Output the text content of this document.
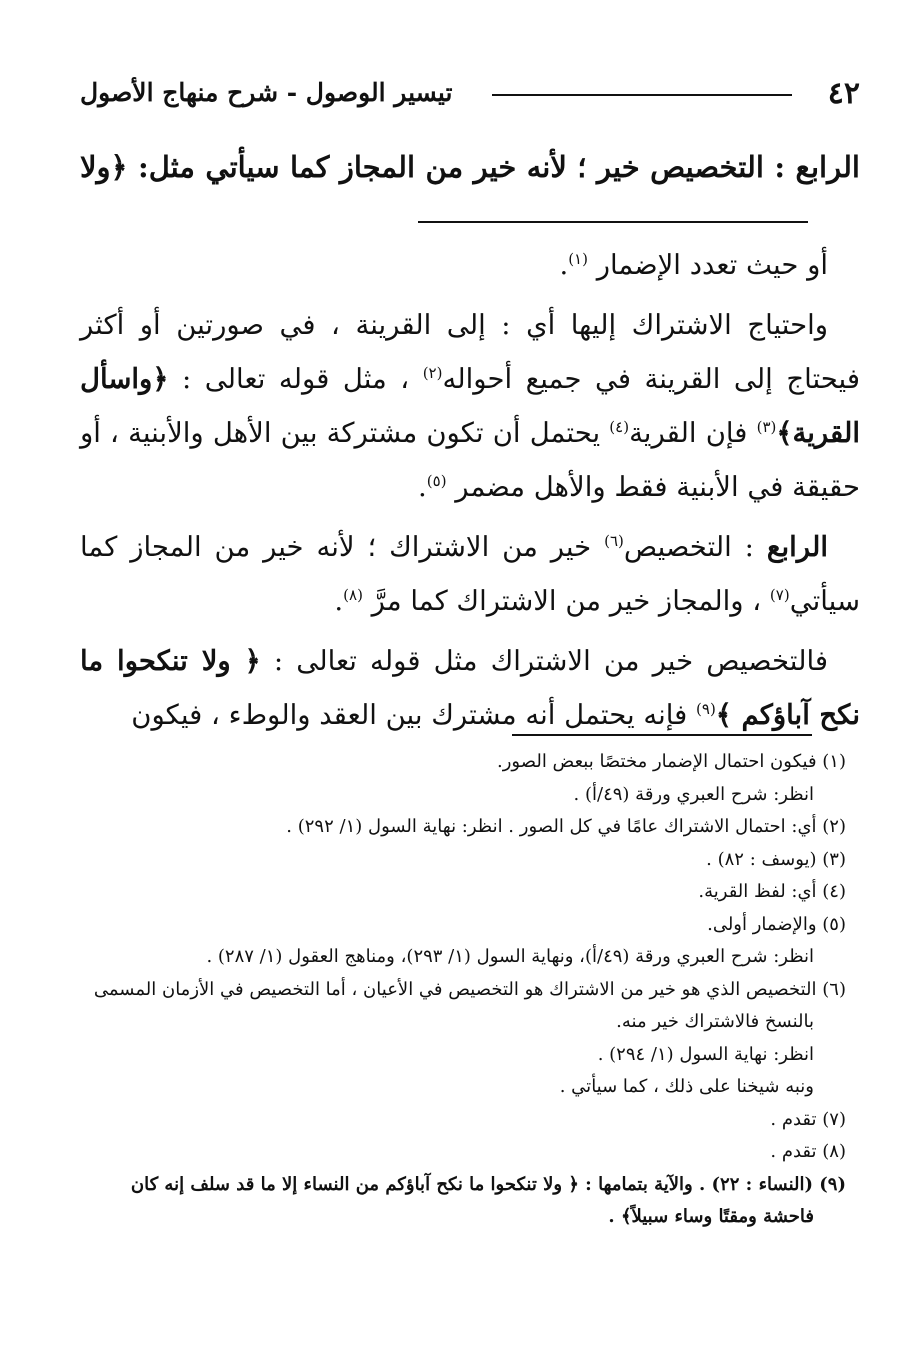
٤٢
تيسير الوصول - شرح منهاج الأصول
الرابع : التخصيص خير ؛ لأنه خير من المجاز كما سيأتي مثل: ﴿ولا

أو حيث تعدد الإضمار $^{(١)}$.

واحتياج الاشتراك إليها أي : إلى القرينة ، في صورتين أو أكثر فيحتاج إلى القرينة في جميع أحواله$^{(٢)}$ ، مثل قوله تعالى : ﴿واسأل القرية﴾$^{(٣)}$ فإن القرية$^{(٤)}$ يحتمل أن تكون مشتركة بين الأهل والأبنية ، أو حقيقة في الأبنية فقط والأهل مضمر $^{(٥)}$.

الرابع : التخصيص$^{(٦)}$ خير من الاشتراك ؛ لأنه خير من المجاز كما سيأتي$^{(٧)}$ ، والمجاز خير من الاشتراك كما مرَّ $^{(٨)}$.

فالتخصيص خير من الاشتراك مثل قوله تعالى : ﴿ ولا تنكحوا ما نكح آباؤكم ﴾$^{(٩)}$ فإنه يحتمل أنه مشترك بين العقد والوطء ، فيكون

(١) فيكون احتمال الإضمار مختصًا ببعض الصور.

انظر: شرح العبري ورقة (٤٩/أ) .

(٢) أي: احتمال الاشتراك عامًا في كل الصور . انظر: نهاية السول (١/ ٢٩٢) .

(٣) (يوسف : ٨٢) .

(٤) أي: لفظ القرية.

(٥) والإضمار أولى.

انظر: شرح العبري ورقة (٤٩/أ)، ونهاية السول (١/ ٢٩٣)، ومناهج العقول (١/ ٢٨٧) .

(٦) التخصيص الذي هو خير من الاشتراك هو التخصيص في الأعيان ، أما التخصيص في الأزمان المسمى بالنسخ فالاشتراك خير منه.

انظر: نهاية السول (١/ ٢٩٤) .

ونبه شيخنا على ذلك ، كما سيأتي .

(٧) تقدم .

(٨) تقدم .

(٩) (النساء : ٢٢) . والآية بتمامها : ﴿ ولا تنكحوا ما نكح آباؤكم من النساء إلا ما قد سلف إنه كان فاحشة ومقتًا وساء سبيلاً﴾ .
